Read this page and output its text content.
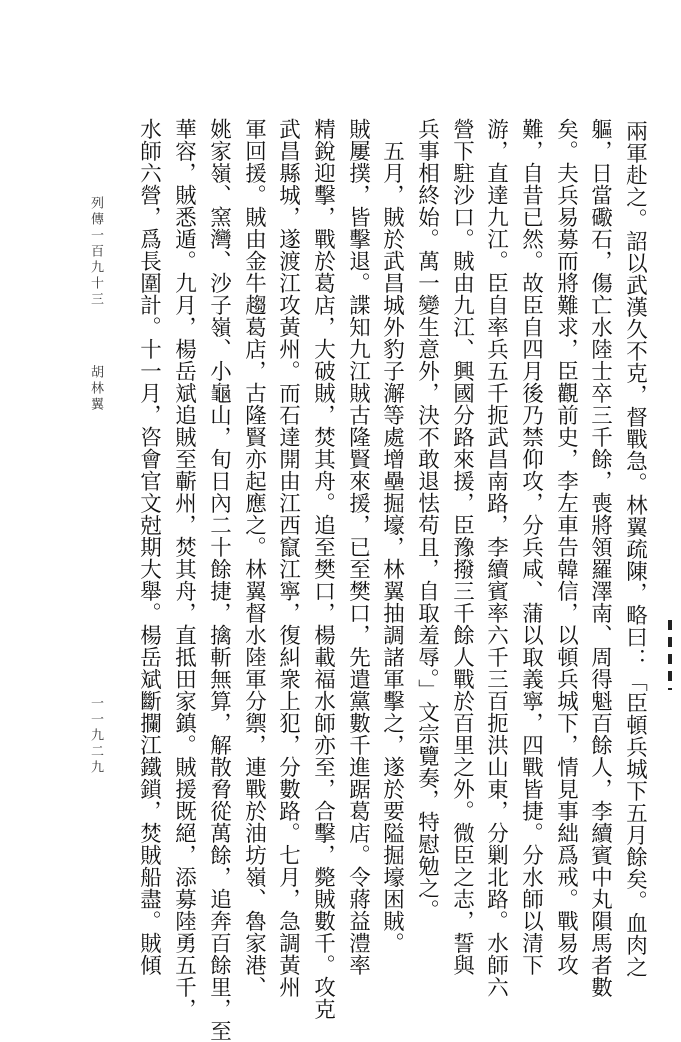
列傳一百九十三
胡林翼
一一九二九	兩軍赴之。詔以武漢久不克，督戰急。林翼疏陳，略曰：「臣頓兵城下五月餘矣。血肉之
軀，日當礮石，傷亡水陸士卒三千餘，喪將領羅澤南、周得魁百餘人，李續賓中丸隕馬者數
矣。夫兵易募而將難求，臣觀前史，李左車告韓信，以頓兵城下，情見事絀爲戒。戰易攻
難，自昔已然。故臣自四月後乃禁仰攻，分兵咸、蒲以取義寧，四戰皆捷。分水師以清下
游，直達九江。臣自率兵五千扼武昌南路，李續賓率六千三百扼洪山東，分剿北路。水師六
營下駐沙口。賊由九江、興國分路來援，臣豫撥三千餘人戰於百里之外。微臣之志，誓與
兵事相終始。萬一變生意外，決不敢退怯苟且，自取羞辱。」文宗覽奏，特慰勉之。
五月，賊於武昌城外豹子澥等處增壘掘壕，林翼抽調諸軍擊之，遂於要隘掘壕困賊。
賊屢撲，皆擊退。諜知九江賊古隆賢來援，已至樊口，先遣黨數千進踞葛店。令蔣益澧率
精銳迎擊，戰於葛店，大破賊，焚其舟。追至樊口，楊載福水師亦至，合擊，斃賊數千。攻克
武昌縣城，遂渡江攻黃州。而石達開由江西竄江寧，復糾衆上犯，分數路。七月，急調黃州
軍回援。賊由金牛趨葛店，古隆賢亦起應之。林翼督水陸軍分禦，連戰於油坊嶺、魯家港、
姚家嶺、窯灣、沙子嶺、小龜山，旬日內二十餘捷，擒斬無算，解散脅從萬餘，追奔百餘里，至
華容，賊悉遁。九月，楊岳斌追賊至蘄州，焚其舟，直抵田家鎮。賊援既絕，添募陸勇五千，
水師六營，爲長圍計。十一月，咨會官文尅期大舉。楊岳斌斷攔江鐵鎖，焚賊船盡。賊傾
